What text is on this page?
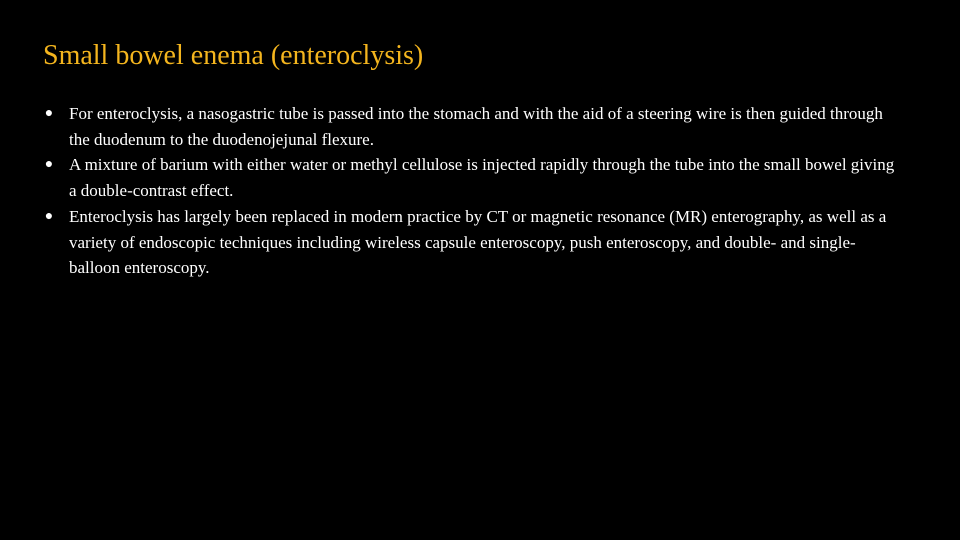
Small bowel enema (enteroclysis)
● For enteroclysis, a nasogastric tube is passed into the stomach and with the aid of a steering wire is then guided through the duodenum to the duodenojejunal flexure.
● A mixture of barium with either water or methyl cellulose is injected rapidly through the tube into the small bowel giving a double-contrast effect.
● Enteroclysis has largely been replaced in modern practice by CT or magnetic resonance (MR) enterography, as well as a variety of endoscopic techniques including wireless capsule enteroscopy, push enteroscopy, and double- and single-balloon enteroscopy.
